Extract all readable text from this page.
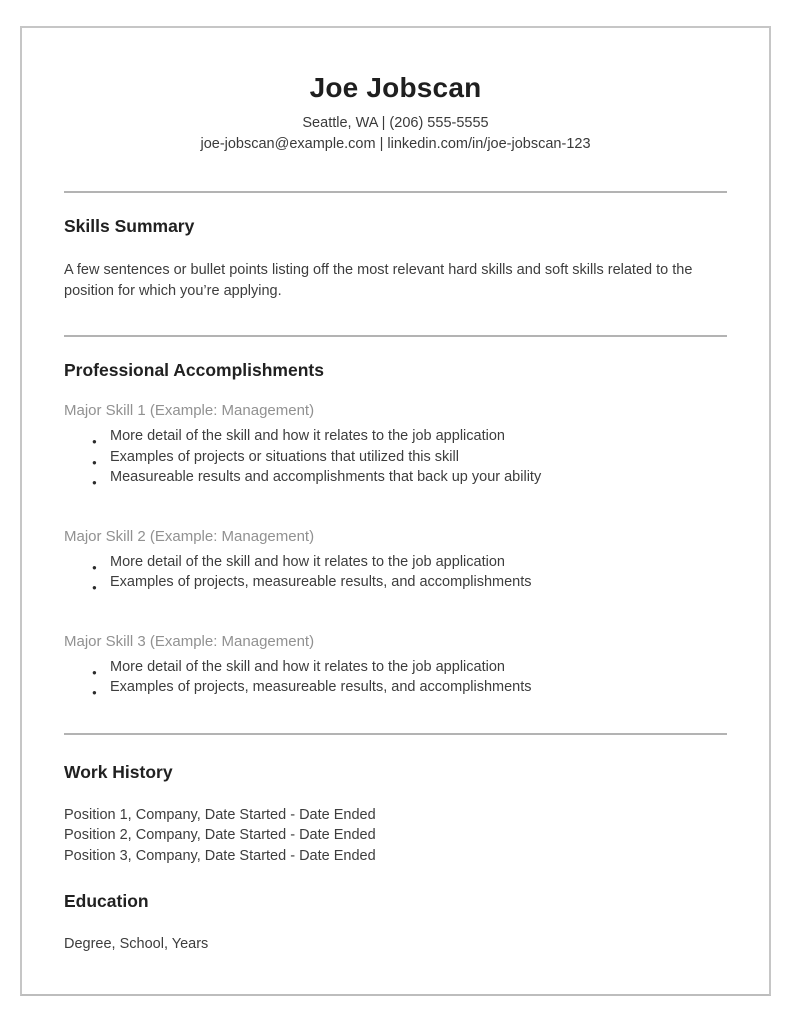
Joe Jobscan
Seattle, WA | (206) 555-5555
joe-jobscan@example.com | linkedin.com/in/joe-jobscan-123
Skills Summary

A few sentences or bullet points listing off the most relevant hard skills and soft skills related to the position for which you’re applying.

Professional Accomplishments
Major Skill 1 (Example: Management)
● More detail of the skill and how it relates to the job application
● Examples of projects or situations that utilized this skill
● Measureable results and accomplishments that back up your ability
Major Skill 2 (Example: Management)
● More detail of the skill and how it relates to the job application
● Examples of projects, measureable results, and accomplishments
Major Skill 3 (Example: Management)
● More detail of the skill and how it relates to the job application
● Examples of projects, measureable results, and accomplishments
Work History
Position 1, Company, Date Started - Date Ended
Position 2, Company, Date Started - Date Ended
Position 3, Company, Date Started - Date Ended
Education
Degree, School, Years
